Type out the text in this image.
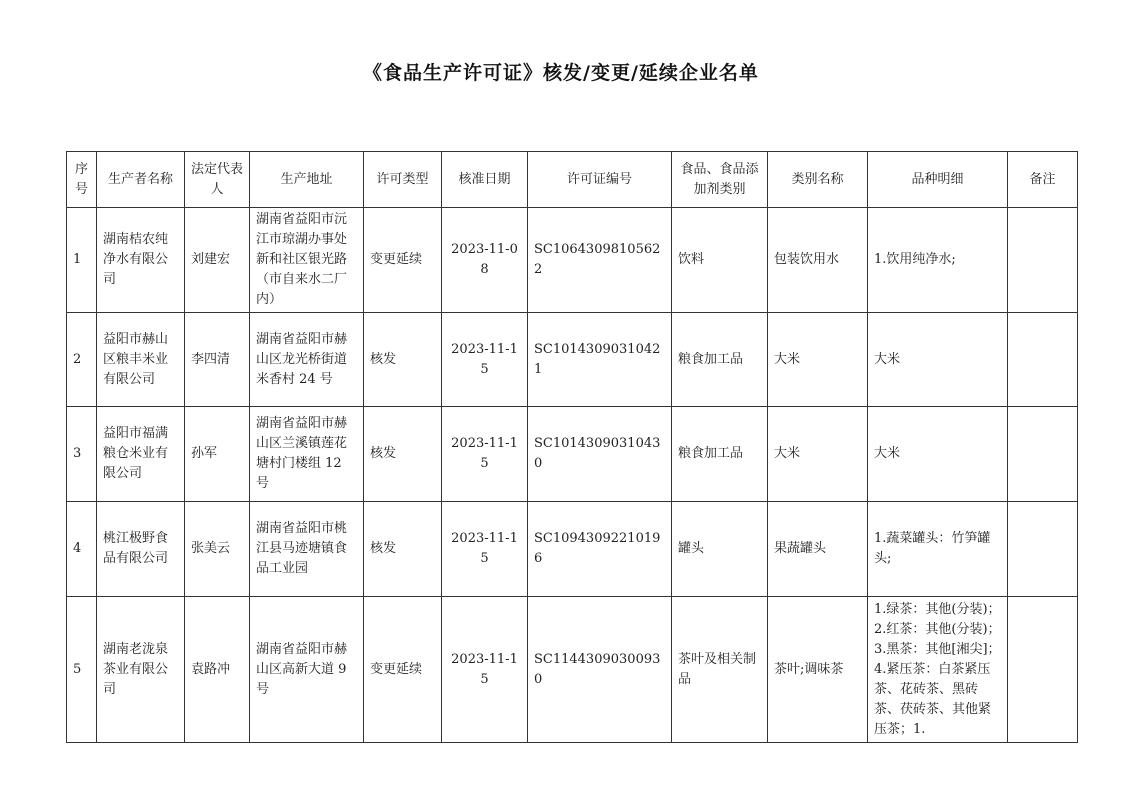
《食品生产许可证》核发/变更/延续企业名单
序号	生产者名称	法定代表人	生产地址	许可类型	核准日期	许可证编号	食品、食品添加剂类别	类别名称	品种明细	备注
1	湖南桔农纯净水有限公司	刘建宏	湖南省益阳市沅江市琼湖办事处新和社区银光路（市自来水二厂内）	变更延续	2023-11-08	SC10643098105622	饮料	包装饮用水	1.饮用纯净水;	
2	益阳市赫山区粮丰米业有限公司	李四清	湖南省益阳市赫山区龙光桥街道米香村 24 号	核发	2023-11-15	SC10143090310421	粮食加工品	大米	大米	
3	益阳市福满粮仓米业有限公司	孙军	湖南省益阳市赫山区兰溪镇莲花塘村门楼组 12 号	核发	2023-11-15	SC10143090310430	粮食加工品	大米	大米	
4	桃江极野食品有限公司	张美云	湖南省益阳市桃江县马迹塘镇食品工业园	核发	2023-11-15	SC10943092210196	罐头	果蔬罐头	1.蔬菜罐头：竹笋罐头;	
5	湖南老泷泉茶业有限公司	袁路冲	湖南省益阳市赫山区高新大道 9 号	变更延续	2023-11-15	SC11443090300930	茶叶及相关制品	茶叶;调味茶	1.绿茶：其他(分装)；2.红茶：其他(分装)；3.黑茶：其他[湘尖]；4.紧压茶：白茶紧压茶、花砖茶、黑砖茶、茯砖茶、其他紧压茶；1.	
